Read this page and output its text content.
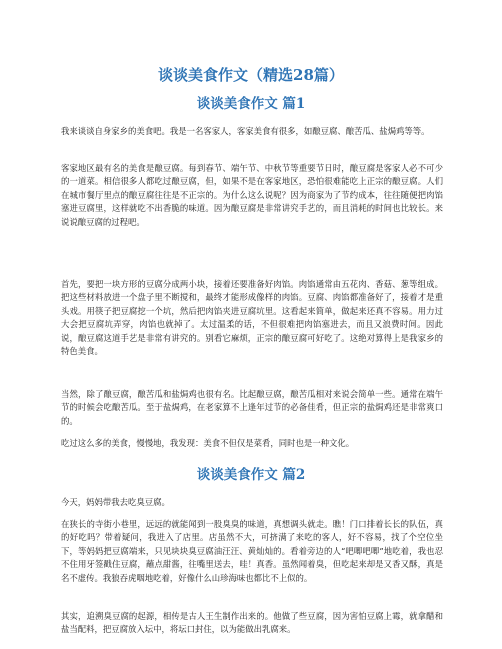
谈谈美食作文（精选28篇）
谈谈美食作文 篇1

我来谈谈自身家乡的美食吧。我是一名客家人，客家美食有很多，如酿豆腐、酿苦瓜、盐焗鸡等等。

客家地区最有名的美食是酿豆腐。每到春节、端午节、中秋节等重要节日时，酿豆腐是客家人必不可少的一道菜。相信很多人都吃过酿豆腐，但，如果不是在客家地区，恐怕很难能吃上正宗的酿豆腐。人们在城市餐厅里点的酿豆腐往往是不正宗的。为什么这么说呢？因为商家为了节约成本，往往随便把肉馅塞进豆腐里，这样就吃不出香脆的味道。因为酿豆腐是非常讲究手艺的，而且消耗的时间也比较长。来说说酿豆腐的过程吧。

首先，要把一块方形的豆腐分成两小块，接着还要准备好肉馅。肉馅通常由五花肉、香菇、葱等组成。把这些材料放进一个盘子里不断搅和，最终才能形成像样的肉馅。豆腐、肉馅都准备好了，接着才是重头戏。用筷子把豆腐挖一个坑，然后把肉馅夹进豆腐坑里。这看起来简单，做起来还真不容易。用力过大会把豆腐坑弄穿，肉馅也就掉了。太过温柔的话，不但很难把肉馅塞进去，而且又浪费时间。因此说，酿豆腐这道手艺是非常有讲究的。别看它麻烦，正宗的酿豆腐可好吃了。这绝对算得上是我家乡的特色美食。

当然，除了酿豆腐，酿苦瓜和盐焗鸡也很有名。比起酿豆腐，酿苦瓜相对来说会简单一些。通常在端午节的时候会吃酿苦瓜。至于盐焗鸡，在老家算不上逢年过节的必备佳肴，但正宗的盐焗鸡还是非常爽口的。

吃过这么多的美食，慢慢地，我发现：美食不但仅是菜肴，同时也是一种文化。

谈谈美食作文 篇2

今天，妈妈带我去吃臭豆腐。

在狭长的寺街小巷里，远远的就能闻到一股臭臭的味道，真想调头就走。瞧！门口排着长长的队伍，真的好吃吗？带着疑问，我进入了店里。店虽然不大，可挤满了来吃的客人，好不容易，找了个空位坐下，等妈妈把豆腐端来，只见块块臭豆腐油汪汪、黄灿灿的。看着旁边的人“吧唧吧唧”地吃着，我也忍不住用牙签戳住豆腐，蘸点甜酱，往嘴里送去，哇！真香。虽然闻着臭，但吃起来却是又香又酥，真是名不虚传。我狼吞虎咽地吃着，好像什么山珍海味也都比不上似的。

其实，追溯臭豆腐的起源，相传是古人王生制作出来的。他做了些豆腐，因为害怕豆腐上霉，就拿醋和盐当配料，把豆腐放入坛中，将坛口封住，以为能做出乳腐来。
